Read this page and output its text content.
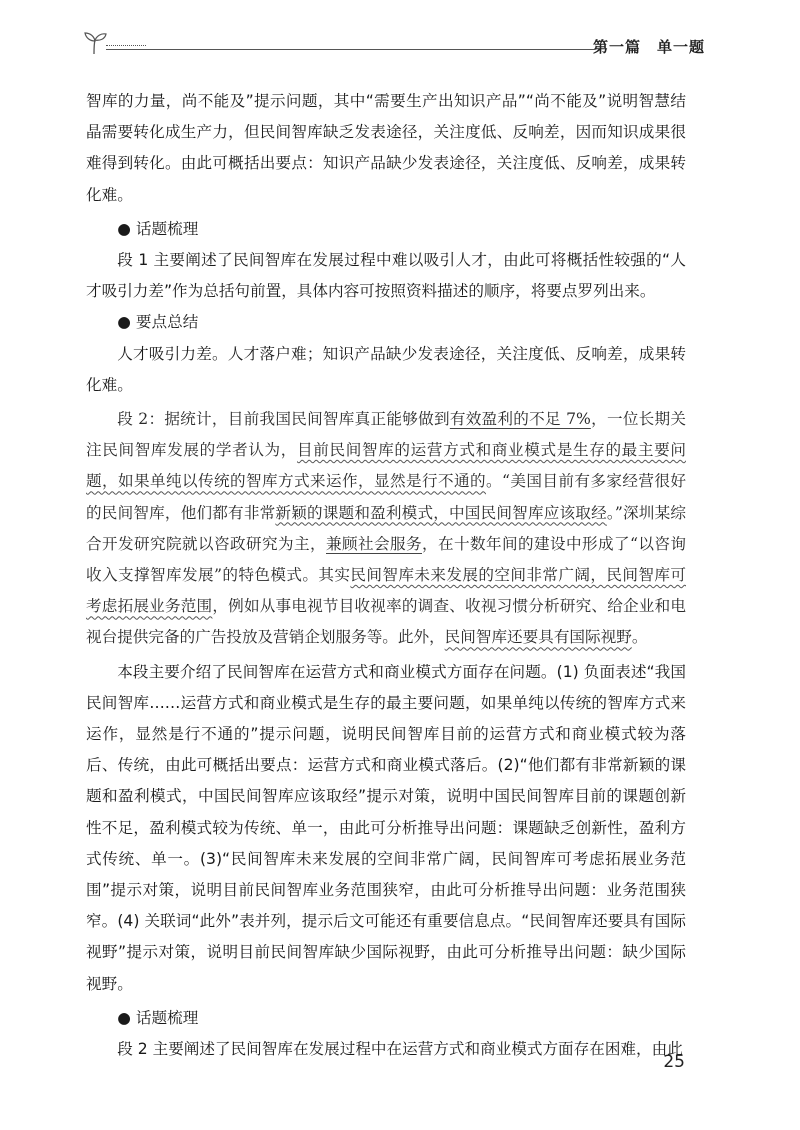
第一篇　单一题

智库的力量，尚不能及”提示问题，其中“需要生产出知识产品”“尚不能及”说明智慧结晶需要转化成生产力，但民间智库缺乏发表途径，关注度低、反响差，因而知识成果很难得到转化。由此可概括出要点：知识产品缺少发表途径，关注度低、反响差，成果转化难。

● 话题梳理

段 1 主要阐述了民间智库在发展过程中难以吸引人才，由此可将概括性较强的“人才吸引力差”作为总括句前置，具体内容可按照资料描述的顺序，将要点罗列出来。

● 要点总结

人才吸引力差。人才落户难；知识产品缺少发表途径，关注度低、反响差，成果转化难。

段 2：据统计，目前我国民间智库真正能够做到有效盈利的不足 7%，一位长期关注民间智库发展的学者认为，目前民间智库的运营方式和商业模式是生存的最主要问题，如果单纯以传统的智库方式来运作，显然是行不通的。“美国目前有多家经营很好的民间智库，他们都有非常新颖的课题和盈利模式，中国民间智库应该取经。”深圳某综合开发研究院就以咨政研究为主，兼顾社会服务，在十数年间的建设中形成了“以咨询收入支撑智库发展”的特色模式。其实民间智库未来发展的空间非常广阔，民间智库可考虑拓展业务范围，例如从事电视节目收视率的调查、收视习惯分析研究、给企业和电视台提供完备的广告投放及营销企划服务等。此外，民间智库还要具有国际视野。

本段主要介绍了民间智库在运营方式和商业模式方面存在问题。(1) 负面表述“我国民间智库……运营方式和商业模式是生存的最主要问题，如果单纯以传统的智库方式来运作，显然是行不通的”提示问题，说明民间智库目前的运营方式和商业模式较为落后、传统，由此可概括出要点：运营方式和商业模式落后。(2)“他们都有非常新颖的课题和盈利模式，中国民间智库应该取经”提示对策，说明中国民间智库目前的课题创新性不足，盈利模式较为传统、单一，由此可分析推导出问题：课题缺乏创新性，盈利方式传统、单一。(3)“民间智库未来发展的空间非常广阔，民间智库可考虑拓展业务范围”提示对策，说明目前民间智库业务范围狭窄，由此可分析推导出问题：业务范围狭窄。(4) 关联词“此外”表并列，提示后文可能还有重要信息点。“民间智库还要具有国际视野”提示对策，说明目前民间智库缺少国际视野，由此可分析推导出问题：缺少国际视野。

● 话题梳理

段 2 主要阐述了民间智库在发展过程中在运营方式和商业模式方面存在困难，由此

25
